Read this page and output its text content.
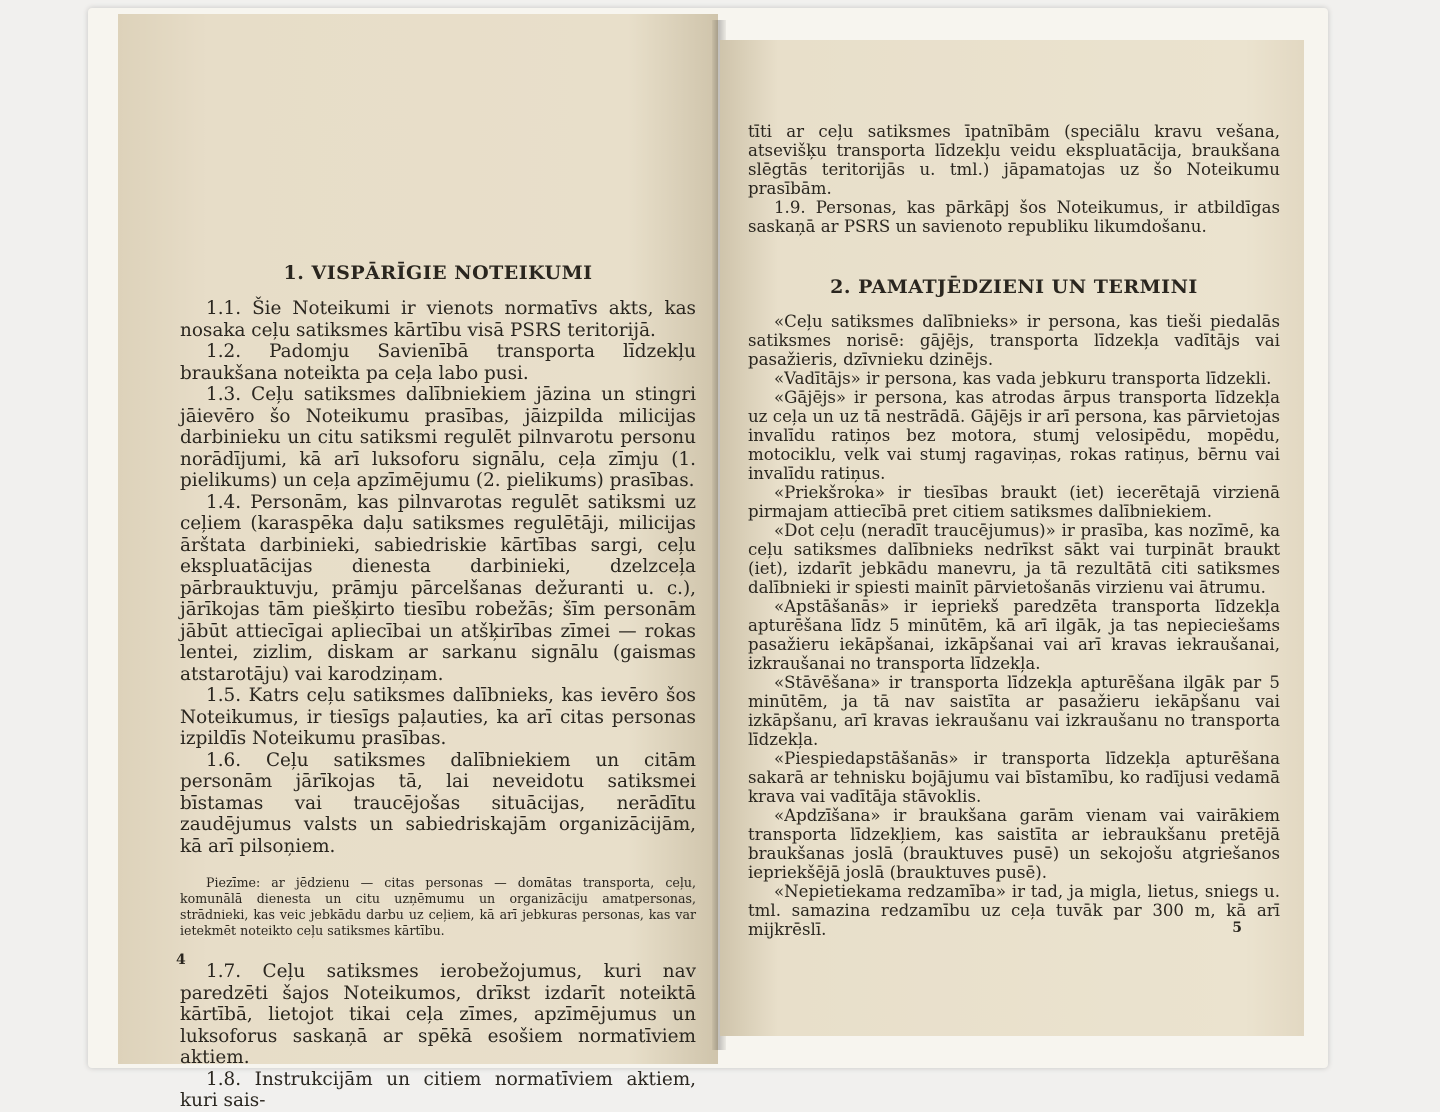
1. VISPĀRĪGIE NOTEIKUMI

1.1. Šie Noteikumi ir vienots normatīvs akts, kas nosaka ceļu satiksmes kārtību visā PSRS teritorijā.

1.2. Padomju Savienībā transporta līdzekļu braukšana noteikta pa ceļa labo pusi.

1.3. Ceļu satiksmes dalībniekiem jāzina un stingri jāievēro šo Noteikumu prasības, jāizpilda milicijas darbinieku un citu satiksmi regulēt pilnvarotu personu norādījumi, kā arī luksoforu signālu, ceļa zīmju (1. pielikums) un ceļa apzīmējumu (2. pielikums) prasības.

1.4. Personām, kas pilnvarotas regulēt satiksmi uz ceļiem (karaspēka daļu satiksmes regulētāji, milicijas ārštata darbinieki, sabiedriskie kārtības sargi, ceļu ekspluatācijas dienesta darbinieki, dzelzceļa pārbrauktuvju, prāmju pārcelšanas dežuranti u. c.), jārīkojas tām piešķirto tiesību robežās; šīm personām jābūt attiecīgai apliecībai un atšķirības zīmei — rokas lentei, zizlim, diskam ar sarkanu signālu (gaismas atstarotāju) vai karodziņam.

1.5. Katrs ceļu satiksmes dalībnieks, kas ievēro šos Noteikumus, ir tiesīgs paļauties, ka arī citas personas izpildīs Noteikumu prasības.

1.6. Ceļu satiksmes dalībniekiem un citām personām jārīkojas tā, lai neveidotu satiksmei bīstamas vai traucējošas situācijas, nerādītu zaudējumus valsts un sabiedriskajām organizācijām, kā arī pilsoņiem.

Piezīme: ar jēdzienu — citas personas — domātas transporta, ceļu, komunālā dienesta un citu uzņēmumu un organizāciju amatpersonas, strādnieki, kas veic jebkādu darbu uz ceļiem, kā arī jebkuras personas, kas var ietekmēt noteikto ceļu satiksmes kārtību.

1.7. Ceļu satiksmes ierobežojumus, kuri nav paredzēti šajos Noteikumos, drīkst izdarīt noteiktā kārtībā, lietojot tikai ceļa zīmes, apzīmējumus un luksoforus saskaņā ar spēkā esošiem normatīviem aktiem.

1.8. Instrukcijām un citiem normatīviem aktiem, kuri sais-

4

tīti ar ceļu satiksmes īpatnībām (speciālu kravu vešana, atsevišķu transporta līdzekļu veidu ekspluatācija, braukšana slēgtās teritorijās u. tml.) jāpamatojas uz šo Noteikumu prasībām.

1.9. Personas, kas pārkāpj šos Noteikumus, ir atbildīgas saskaņā ar PSRS un savienoto republiku likumdošanu.

2. PAMATJĒDZIENI UN TERMINI

«Ceļu satiksmes dalībnieks» ir persona, kas tieši piedalās satiksmes norisē: gājējs, transporta līdzekļa vadītājs vai pasažieris, dzīvnieku dzinējs.

«Vadītājs» ir persona, kas vada jebkuru transporta līdzekli.

«Gājējs» ir persona, kas atrodas ārpus transporta līdzekļa uz ceļa un uz tā nestrādā. Gājējs ir arī persona, kas pārvietojas invalīdu ratiņos bez motora, stumj velosipēdu, mopēdu, motociklu, velk vai stumj ragaviņas, rokas ratiņus, bērnu vai invalīdu ratiņus.

«Priekšroka» ir tiesības braukt (iet) iecerētajā virzienā pirmajam attiecībā pret citiem satiksmes dalībniekiem.

«Dot ceļu (neradīt traucējumus)» ir prasība, kas nozīmē, ka ceļu satiksmes dalībnieks nedrīkst sākt vai turpināt braukt (iet), izdarīt jebkādu manevru, ja tā rezultātā citi satiksmes dalībnieki ir spiesti mainīt pārvietošanās virzienu vai ātrumu.

«Apstāšanās» ir iepriekš paredzēta transporta līdzekļa apturēšana līdz 5 minūtēm, kā arī ilgāk, ja tas nepieciešams pasažieru iekāpšanai, izkāpšanai vai arī kravas iekraušanai, izkraušanai no transporta līdzekļa.

«Stāvēšana» ir transporta līdzekļa apturēšana ilgāk par 5 minūtēm, ja tā nav saistīta ar pasažieru iekāpšanu vai izkāpšanu, arī kravas iekraušanu vai izkraušanu no transporta līdzekļa.

«Piespiedapstāšanās» ir transporta līdzekļa apturēšana sakarā ar tehnisku bojājumu vai bīstamību, ko radījusi vedamā krava vai vadītāja stāvoklis.

«Apdzīšana» ir braukšana garām vienam vai vairākiem transporta līdzekļiem, kas saistīta ar iebraukšanu pretējā braukšanas joslā (brauktuves pusē) un sekojošu atgriešanos iepriekšējā joslā (brauktuves pusē).

«Nepietiekama redzamība» ir tad, ja migla, lietus, sniegs u. tml. samazina redzamību uz ceļa tuvāk par 300 m, kā arī mijkrēslī.	5
